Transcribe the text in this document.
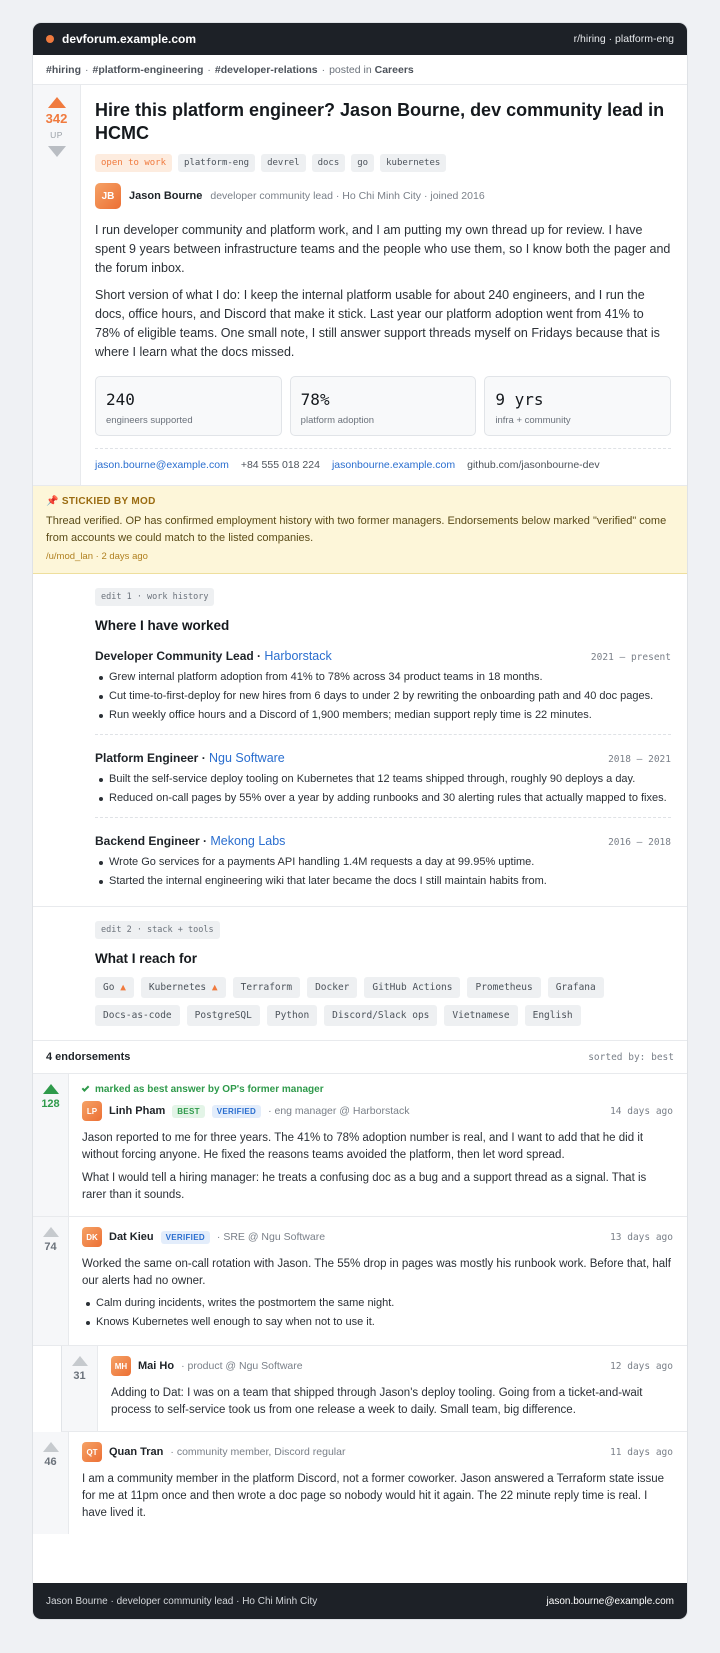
devforum.example.com	r/hiring · platform-eng
#hiring · #platform-engineering · #developer-relations · posted in
Careers
342
UP
Hire this platform engineer? Jason Bourne, dev community lead in HCMC
open to work	platform-eng	devrel	docs	go	kubernetes
JB	Jason Bourne developer community lead · Ho Chi Minh City · joined 2016

I run developer community and platform work, and I am putting my own thread up for review. I have spent 9 years between infrastructure teams and the people who use them, so I know both the pager and the forum inbox.

Short version of what I do: I keep the internal platform usable for about 240 engineers, and I run the docs, office hours, and Discord that make it stick. Last year our platform adoption went from 41% to 78% of eligible teams. One small note, I still answer support threads myself on Fridays because that is where I learn what the docs missed.

240
engineers supported
78%
platform adoption
9 yrs
infra + community
jason.bourne@example.com +84 555 018 224 jasonbourne.example.com github.com/jasonbourne-dev
📌 STICKIED BY MOD
Thread verified. OP has confirmed employment history with two former managers. Endorsements below marked "verified" come from accounts we could match to the listed companies.
/u/mod_lan · 2 days ago
edit 1 · work history
Where I have worked
Developer Community Lead · Harborstack	2021 – present
Grew internal platform adoption from 41% to 78% across 34 product teams in 18 months.
Cut time-to-first-deploy for new hires from 6 days to under 2 by rewriting the onboarding path and 40 doc pages.
Run weekly office hours and a Discord of 1,900 members; median support reply time is 22 minutes.
Platform Engineer · Ngu Software	2018 – 2021
Built the self-service deploy tooling on Kubernetes that 12 teams shipped through, roughly 90 deploys a day.
Reduced on-call pages by 55% over a year by adding runbooks and 30 alerting rules that actually mapped to fixes.
Backend Engineer · Mekong Labs	2016 – 2018
Wrote Go services for a payments API handling 1.4M requests a day at 99.95% uptime.
Started the internal engineering wiki that later became the docs I still maintain habits from.
edit 2 · stack + tools
What I reach for
Go ▲	Kubernetes ▲	Terraform	Docker	GitHub Actions	Prometheus	Grafana
Docs-as-code	PostgreSQL	Python	Discord/Slack ops	Vietnamese	English
4 endorsements	sorted by: best
128
marked as best answer by OP's former manager
LP	Linh Pham	BEST	VERIFIED	· eng manager @ Harborstack	14 days ago

Jason reported to me for three years. The 41% to 78% adoption number is real, and I want to add that he did it without forcing anyone. He fixed the reasons teams avoided the platform, then let word spread.

What I would tell a hiring manager: he treats a confusing doc as a bug and a support thread as a signal. That is rarer than it sounds.

74
DK	Dat Kieu	VERIFIED	· SRE @ Ngu Software	13 days ago

Worked the same on-call rotation with Jason. The 55% drop in pages was mostly his runbook work. Before that, half our alerts had no owner.

Calm during incidents, writes the postmortem the same night.
Knows Kubernetes well enough to say when not to use it.
31
MH Mai Ho · product @ Ngu Software	12 days ago

Adding to Dat: I was on a team that shipped through Jason's deploy tooling. Going from a ticket-and-wait process to self-service took us from one release a week to daily. Small team, big difference.

46
QT	Quan Tran · community member, Discord regular	11 days ago

I am a community member in the platform Discord, not a former coworker. Jason answered a Terraform state issue for me at 11pm once and then wrote a doc page so nobody would hit it again. The 22 minute reply time is real. I have lived it.

Jason Bourne · developer community lead · Ho Chi Minh City	jason.bourne@example.com
